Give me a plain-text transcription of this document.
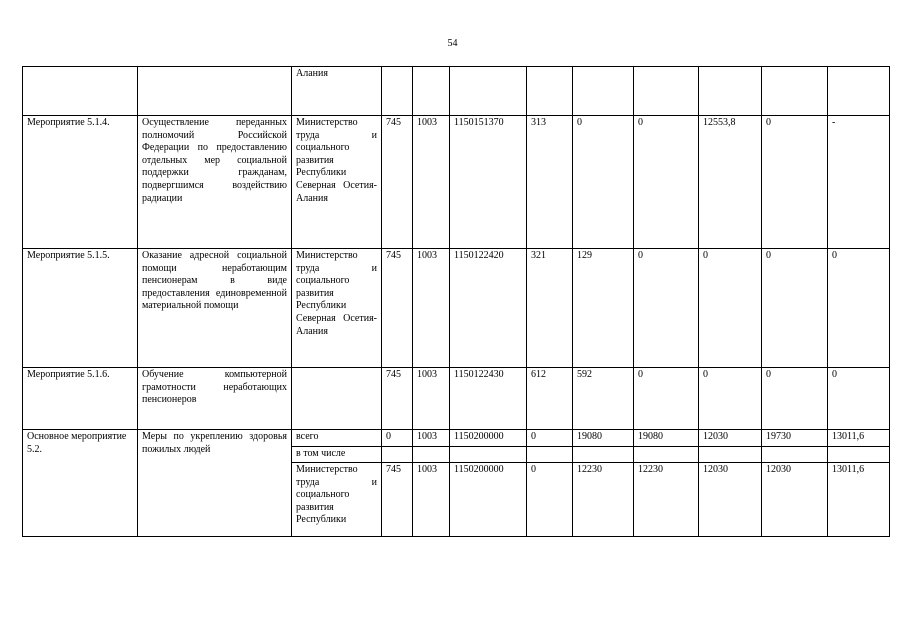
54
		Алания									
Мероприятие 5.1.4.	Осуществление переданных полномочий Российской Федерации по предоставлению отдельных мер социальной поддержки гражданам, подвергшимся воздействию радиации	Министерство труда и социального развития Республики Северная Осетия-Алания	745	1003	1150151370	313	0	0	12553,8	0	-
Мероприятие 5.1.5.	Оказание адресной социальной помощи неработающим пенсионерам в виде предоставления единовременной материальной помощи	Министерство труда и социального развития Республики Северная Осетия-Алания	745	1003	1150122420	321	129	0	0	0	0
Мероприятие 5.1.6.	Обучение компьютерной грамотности неработающих пенсионеров		745	1003	1150122430	612	592	0	0	0	0
Основное мероприятие 5.2.	Меры по укреплению здоровья пожилых людей	всего	0	1003	1150200000	0	19080	19080	12030	19730	13011,6
		в том числе									
		Министерство труда и социального развития Республики	745	1003	1150200000	0	12230	12230	12030	12030	13011,6
